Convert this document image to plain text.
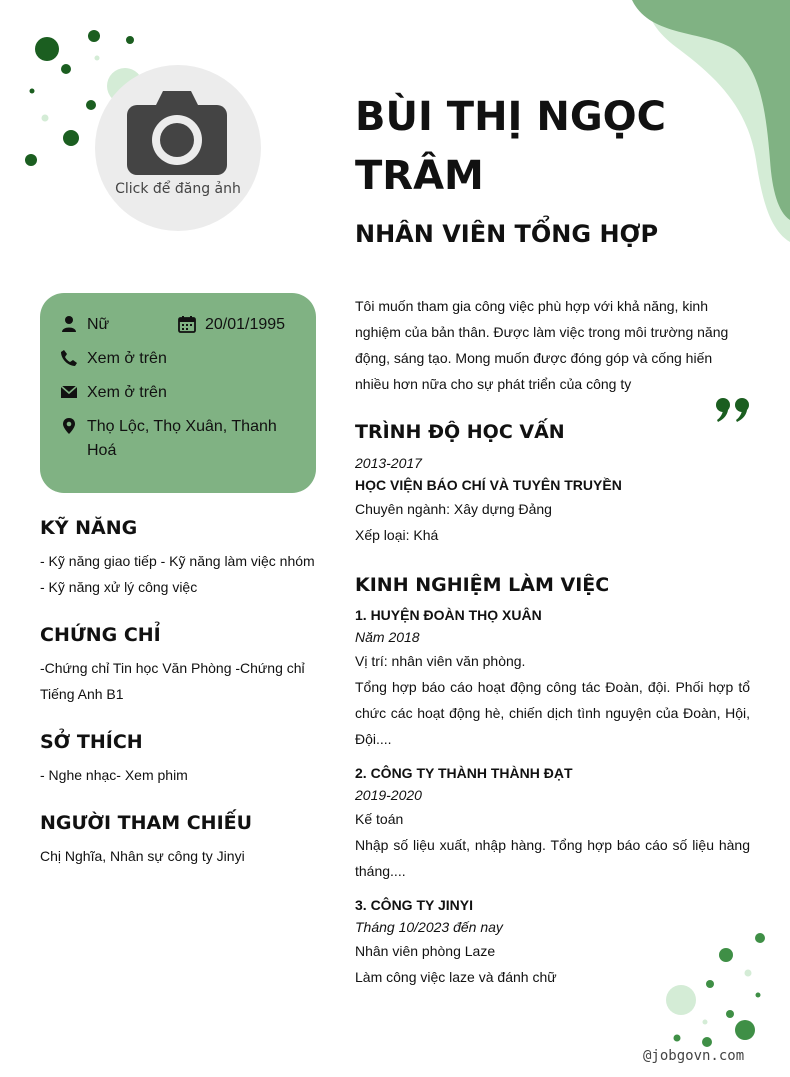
Click để đăng ảnh
BÙI THỊ NGỌC TRÂM
NHÂN VIÊN TỔNG HỢP

Tôi muốn tham gia công việc phù hợp với khả năng, kinh nghiệm của bản thân. Được làm việc trong môi trường năng động, sáng tạo. Mong muốn được đóng góp và cống hiến nhiều hơn nữa cho sự phát triển của công ty

Nữ	20/01/1995
Xem ở trên
Xem ở trên
Thọ Lộc, Thọ Xuân, Thanh Hoá
KỸ NĂNG

- Kỹ năng giao tiếp - Kỹ năng làm việc nhóm - Kỹ năng xử lý công việc

CHỨNG CHỈ

-Chứng chỉ Tin học Văn Phòng -Chứng chỉ Tiếng Anh B1

SỞ THÍCH

- Nghe nhạc- Xem phim

NGƯỜI THAM CHIẾU

Chị Nghĩa, Nhân sự công ty Jinyi

TRÌNH ĐỘ HỌC VẤN
2013-2017
HỌC VIỆN BÁO CHÍ VÀ TUYÊN TRUYỀN
Chuyên ngành: Xây dựng Đảng
Xếp loại: Khá
KINH NGHIỆM LÀM VIỆC
1. HUYỆN ĐOÀN THỌ XUÂN
Năm 2018
Vị trí: nhân viên văn phòng.
Tổng hợp báo cáo hoạt động công tác Đoàn, đội. Phối hợp tổ chức các hoạt động hè, chiến dịch tình nguyện của Đoàn, Hội, Đội....
2. CÔNG TY THÀNH THÀNH ĐẠT
2019-2020
Kế toán
Nhập số liệu xuất, nhập hàng. Tổng hợp báo cáo số liệu hàng tháng....
3. CÔNG TY JINYI
Tháng 10/2023 đến nay
Nhân viên phòng Laze
Làm công việc laze và đánh chữ
@jobgovn.com
